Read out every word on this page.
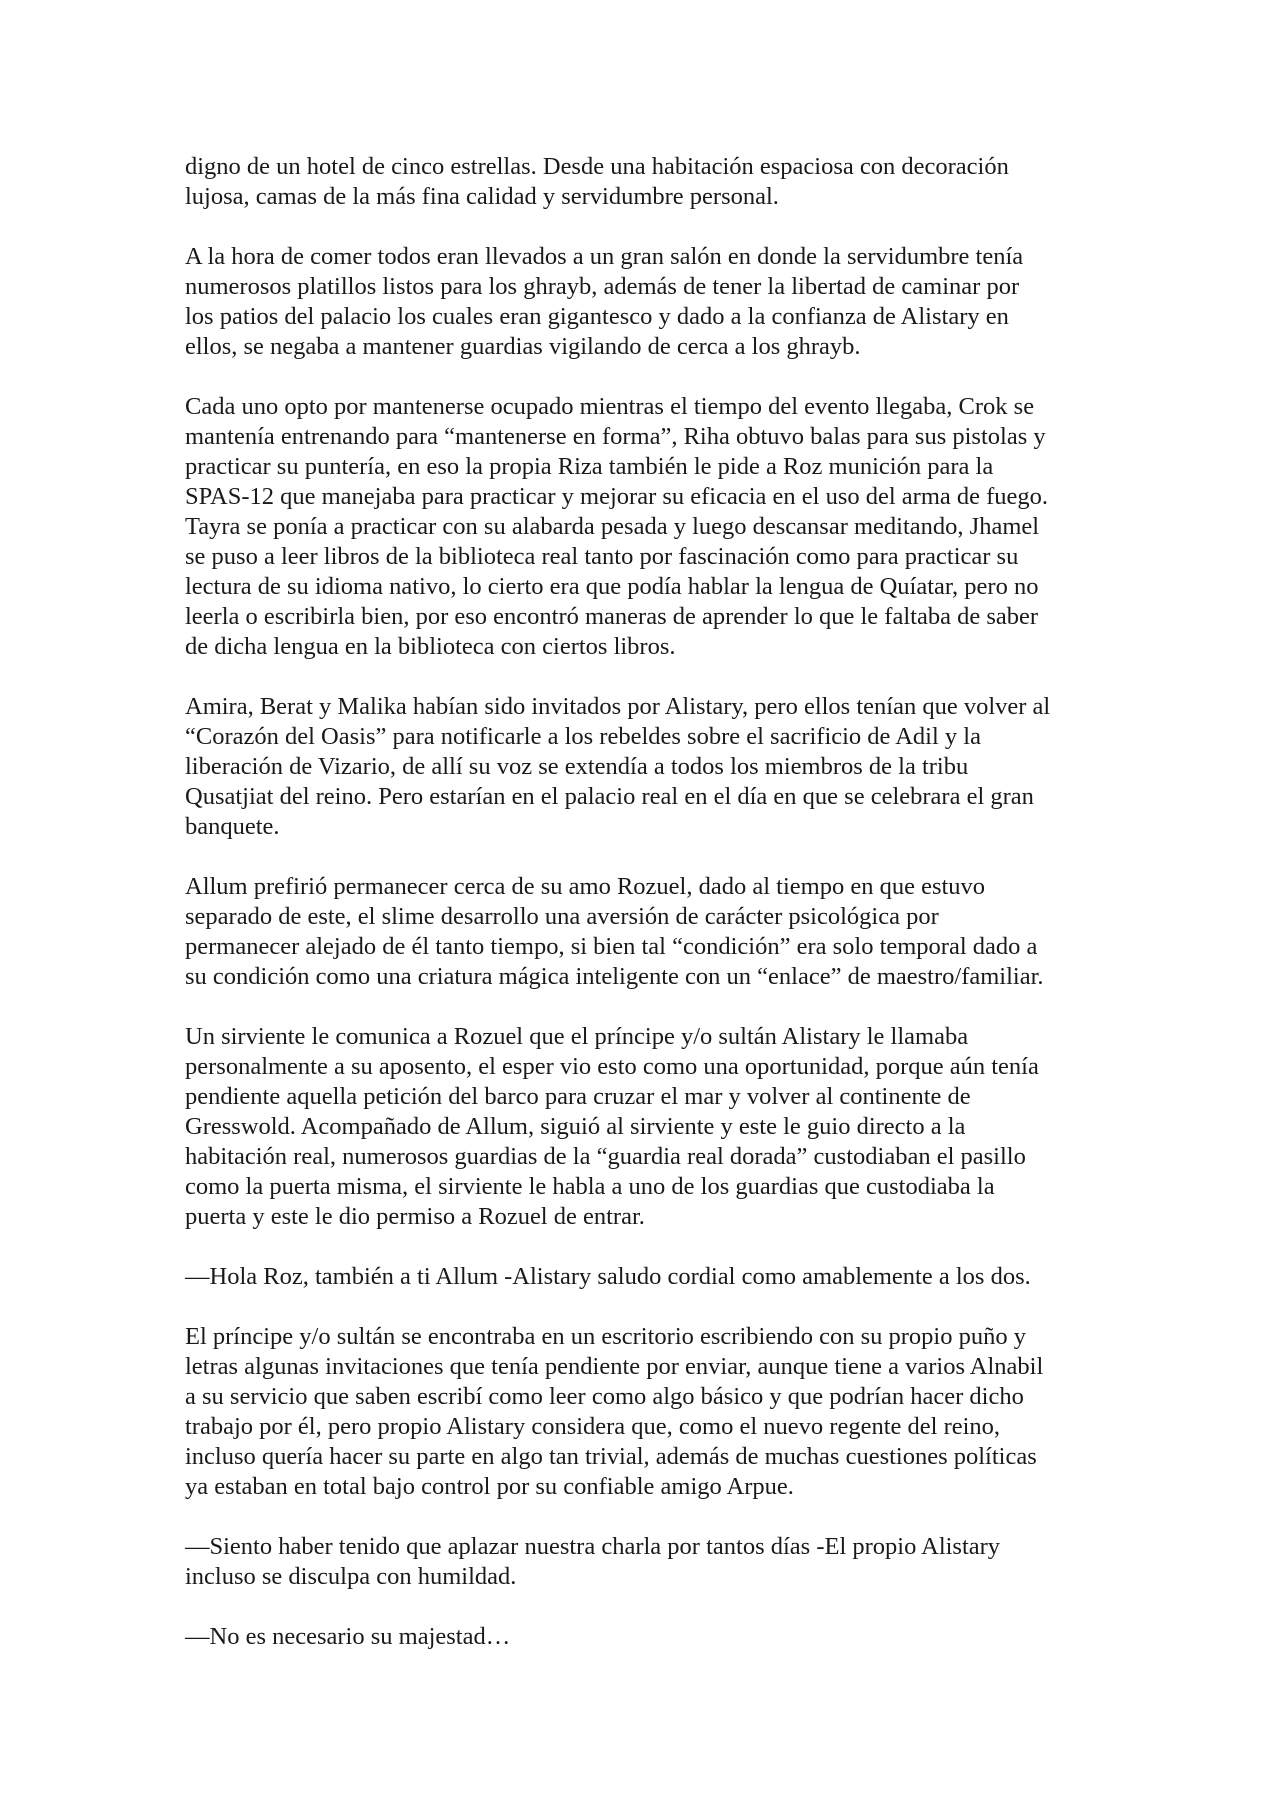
digno de un hotel de cinco estrellas. Desde una habitación espaciosa con decoración
lujosa, camas de la más fina calidad y servidumbre personal.

A la hora de comer todos eran llevados a un gran salón en donde la servidumbre tenía
numerosos platillos listos para los ghrayb, además de tener la libertad de caminar por
los patios del palacio los cuales eran gigantesco y dado a la confianza de Alistary en
ellos, se negaba a mantener guardias vigilando de cerca a los ghrayb.

Cada uno opto por mantenerse ocupado mientras el tiempo del evento llegaba, Crok se
mantenía entrenando para “mantenerse en forma”, Riha obtuvo balas para sus pistolas y
practicar su puntería, en eso la propia Riza también le pide a Roz munición para la
SPAS-12 que manejaba para practicar y mejorar su eficacia en el uso del arma de fuego.
Tayra se ponía a practicar con su alabarda pesada y luego descansar meditando, Jhamel
se puso a leer libros de la biblioteca real tanto por fascinación como para practicar su
lectura de su idioma nativo, lo cierto era que podía hablar la lengua de Quíatar, pero no
leerla o escribirla bien, por eso encontró maneras de aprender lo que le faltaba de saber
de dicha lengua en la biblioteca con ciertos libros.

Amira, Berat y Malika habían sido invitados por Alistary, pero ellos tenían que volver al
“Corazón del Oasis” para notificarle a los rebeldes sobre el sacrificio de Adil y la
liberación de Vizario, de allí su voz se extendía a todos los miembros de la tribu
Qusatjiat del reino. Pero estarían en el palacio real en el día en que se celebrara el gran
banquete.

Allum prefirió permanecer cerca de su amo Rozuel, dado al tiempo en que estuvo
separado de este, el slime desarrollo una aversión de carácter psicológica por
permanecer alejado de él tanto tiempo, si bien tal “condición” era solo temporal dado a
su condición como una criatura mágica inteligente con un “enlace” de maestro/familiar.

Un sirviente le comunica a Rozuel que el príncipe y/o sultán Alistary le llamaba
personalmente a su aposento, el esper vio esto como una oportunidad, porque aún tenía
pendiente aquella petición del barco para cruzar el mar y volver al continente de
Gresswold. Acompañado de Allum, siguió al sirviente y este le guio directo a la
habitación real, numerosos guardias de la “guardia real dorada” custodiaban el pasillo
como la puerta misma, el sirviente le habla a uno de los guardias que custodiaba la
puerta y este le dio permiso a Rozuel de entrar.

—Hola Roz, también a ti Allum -Alistary saludo cordial como amablemente a los dos.

El príncipe y/o sultán se encontraba en un escritorio escribiendo con su propio puño y
letras algunas invitaciones que tenía pendiente por enviar, aunque tiene a varios Alnabil
a su servicio que saben escribí como leer como algo básico y que podrían hacer dicho
trabajo por él, pero propio Alistary considera que, como el nuevo regente del reino,
incluso quería hacer su parte en algo tan trivial, además de muchas cuestiones políticas
ya estaban en total bajo control por su confiable amigo Arpue.

—Siento haber tenido que aplazar nuestra charla por tantos días -El propio Alistary
incluso se disculpa con humildad.

—No es necesario su majestad…
